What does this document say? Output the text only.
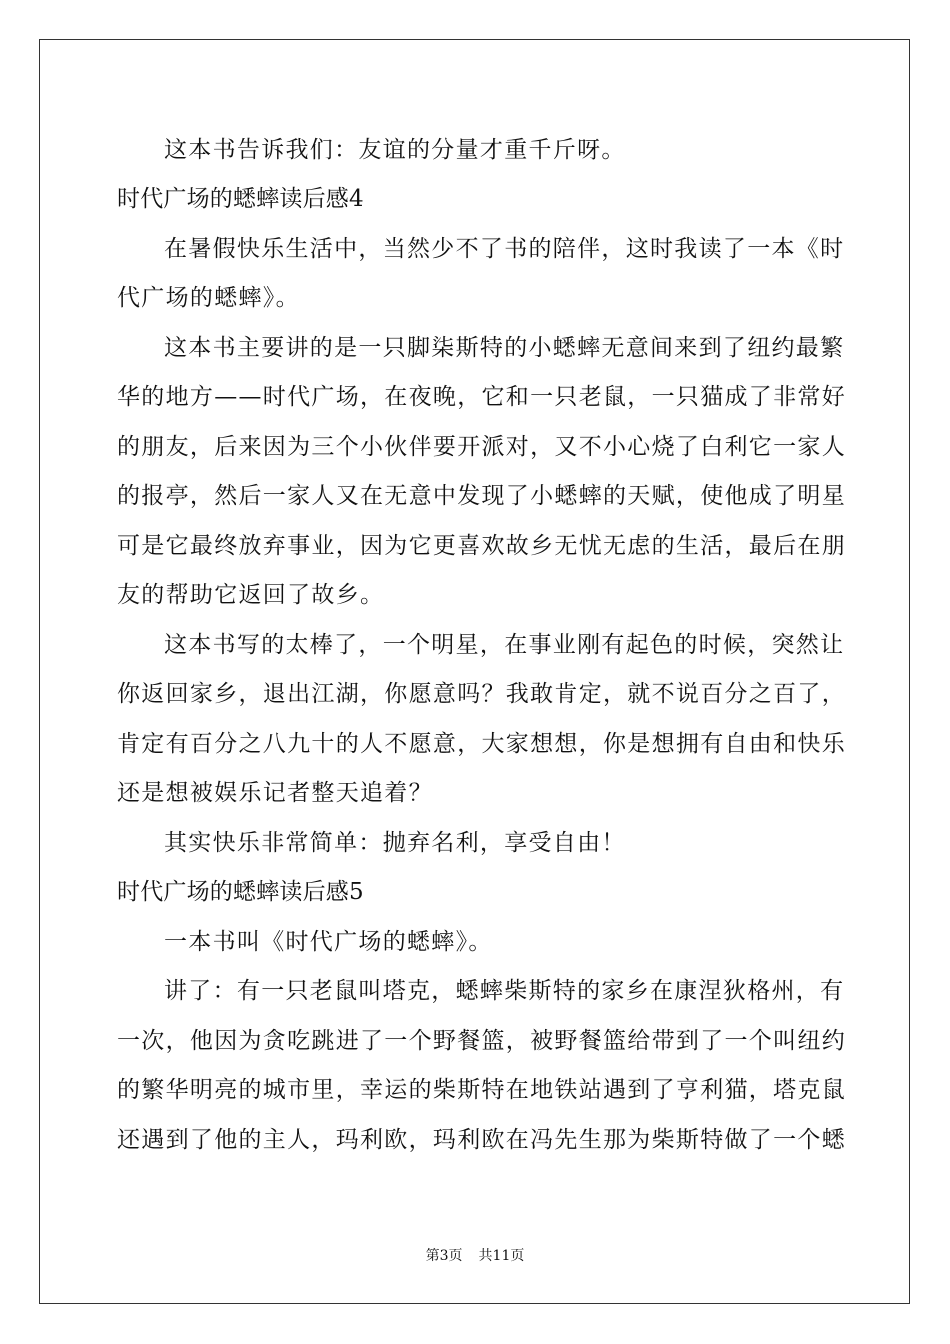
这本书告诉我们：友谊的分量才重千斤呀。
时代广场的蟋蟀读后感4
在暑假快乐生活中，当然少不了书的陪伴，这时我读了一本《时
代广场的蟋蟀》。
这本书主要讲的是一只脚柒斯特的小蟋蟀无意间来到了纽约最繁
华的地方——时代广场，在夜晚，它和一只老鼠，一只猫成了非常好
的朋友，后来因为三个小伙伴要开派对，又不小心烧了白利它一家人
的报亭，然后一家人又在无意中发现了小蟋蟀的天赋，使他成了明星
可是它最终放弃事业，因为它更喜欢故乡无忧无虑的生活，最后在朋
友的帮助它返回了故乡。
这本书写的太棒了，一个明星，在事业刚有起色的时候，突然让
你返回家乡，退出江湖，你愿意吗？我敢肯定，就不说百分之百了，
肯定有百分之八九十的人不愿意，大家想想，你是想拥有自由和快乐
还是想被娱乐记者整天追着？
其实快乐非常简单：抛弃名利，享受自由！
时代广场的蟋蟀读后感5
一本书叫《时代广场的蟋蟀》。
讲了：有一只老鼠叫塔克，蟋蟀柴斯特的家乡在康涅狄格州，有
一次，他因为贪吃跳进了一个野餐篮，被野餐篮给带到了一个叫纽约
的繁华明亮的城市里，幸运的柴斯特在地铁站遇到了亨利猫，塔克鼠
还遇到了他的主人，玛利欧，玛利欧在冯先生那为柴斯特做了一个蟋
第3页 共11页
